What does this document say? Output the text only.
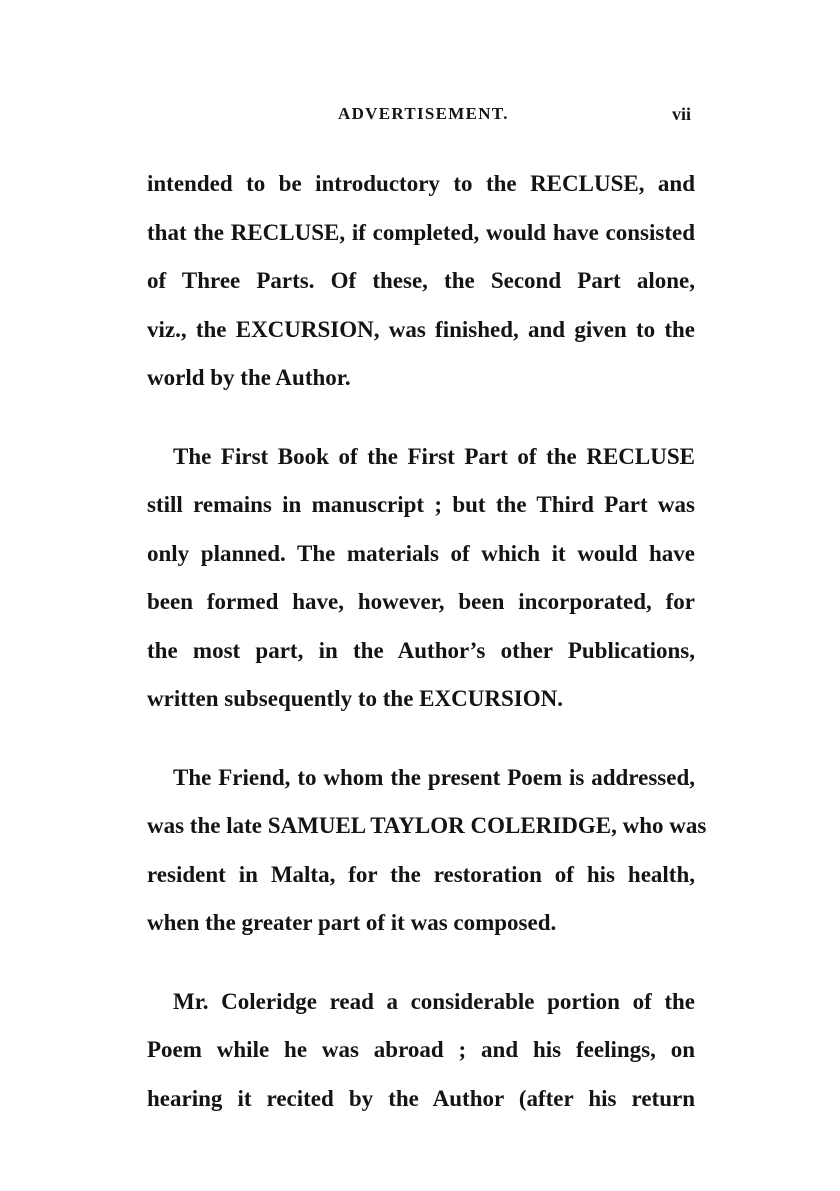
ADVERTISEMENT.	vii
intended to be introductory to the RECLUSE, and
that the RECLUSE, if completed, would have consisted
of Three Parts. Of these, the Second Part alone,
viz., the EXCURSION, was finished, and given to the
world by the Author.
The First Book of the First Part of the RECLUSE
still remains in manuscript ; but the Third Part was
only planned. The materials of which it would have
been formed have, however, been incorporated, for
the most part, in the Author’s other Publications,
written subsequently to the EXCURSION.
The Friend, to whom the present Poem is addressed,
was the late SAMUEL TAYLOR COLERIDGE, who was
resident in Malta, for the restoration of his health,
when the greater part of it was composed.
Mr. Coleridge read a considerable portion of the
Poem while he was abroad ; and his feelings, on
hearing it recited by the Author (after his return
